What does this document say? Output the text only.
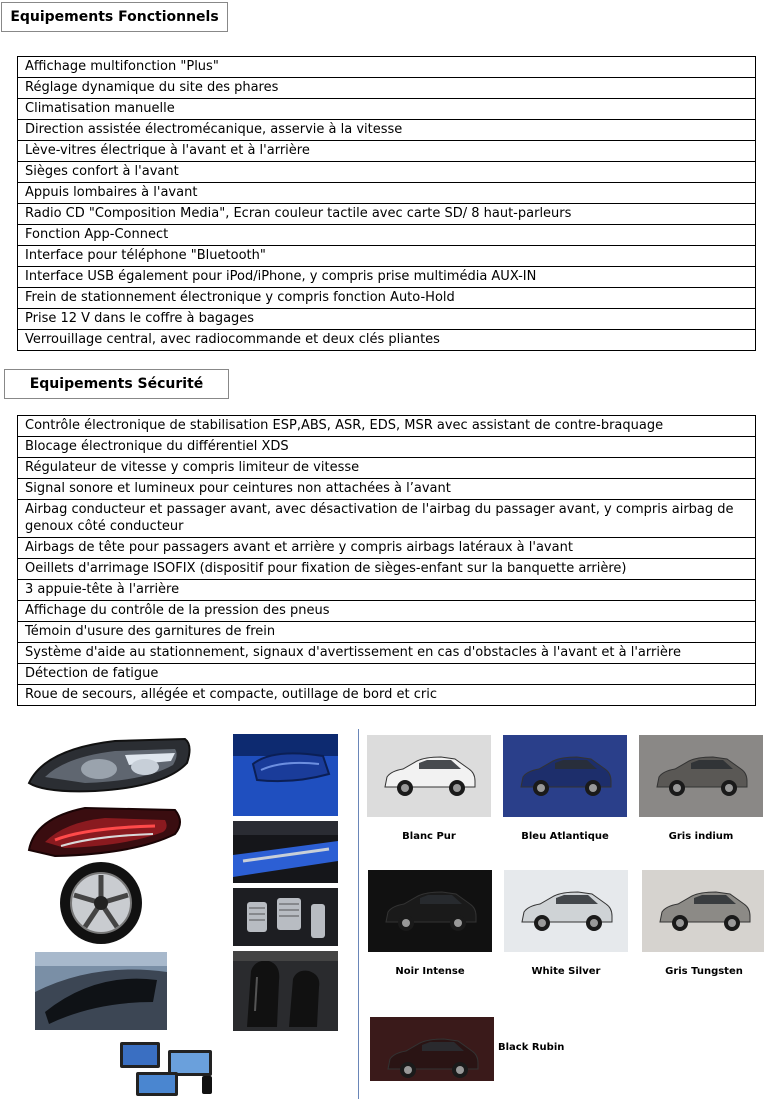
Equipements Fonctionnels
Affichage multifonction "Plus"
Réglage dynamique du site des phares
Climatisation manuelle
Direction assistée électromécanique, asservie à la vitesse
Lève-vitres électrique à l'avant et à l'arrière
Sièges confort à l'avant
Appuis lombaires à l'avant
Radio CD "Composition Media", Ecran couleur tactile avec carte SD/ 8 haut-parleurs
Fonction App-Connect
Interface pour téléphone "Bluetooth"
Interface USB également pour iPod/iPhone, y compris prise multimédia AUX-IN
Frein de stationnement électronique y compris fonction Auto-Hold
Prise 12 V dans le coffre à bagages
Verrouillage central, avec radiocommande et deux clés pliantes
Equipements Sécurité
Contrôle électronique de stabilisation ESP,ABS, ASR, EDS, MSR avec assistant de contre-braquage
Blocage électronique du différentiel XDS
Régulateur de vitesse y compris limiteur de vitesse
Signal sonore et lumineux pour ceintures non attachées à l’avant
Airbag conducteur et passager avant, avec désactivation de l'airbag du passager avant, y compris airbag de genoux côté conducteur
Airbags de tête pour passagers avant et arrière y compris airbags latéraux à l'avant
Oeillets d'arrimage ISOFIX (dispositif pour fixation de sièges-enfant sur la banquette arrière)
3 appuie-tête à l'arrière
Affichage du contrôle de la pression des pneus
Témoin d'usure des garnitures de frein
Système d'aide au stationnement, signaux d'avertissement en cas d'obstacles à l'avant et à l'arrière
Détection de fatigue
Roue de secours, allégée et compacte, outillage de bord et cric
Blanc Pur	Bleu Atlantique	Gris indium
Noir Intense	White Silver	Gris Tungsten
Black Rubin
